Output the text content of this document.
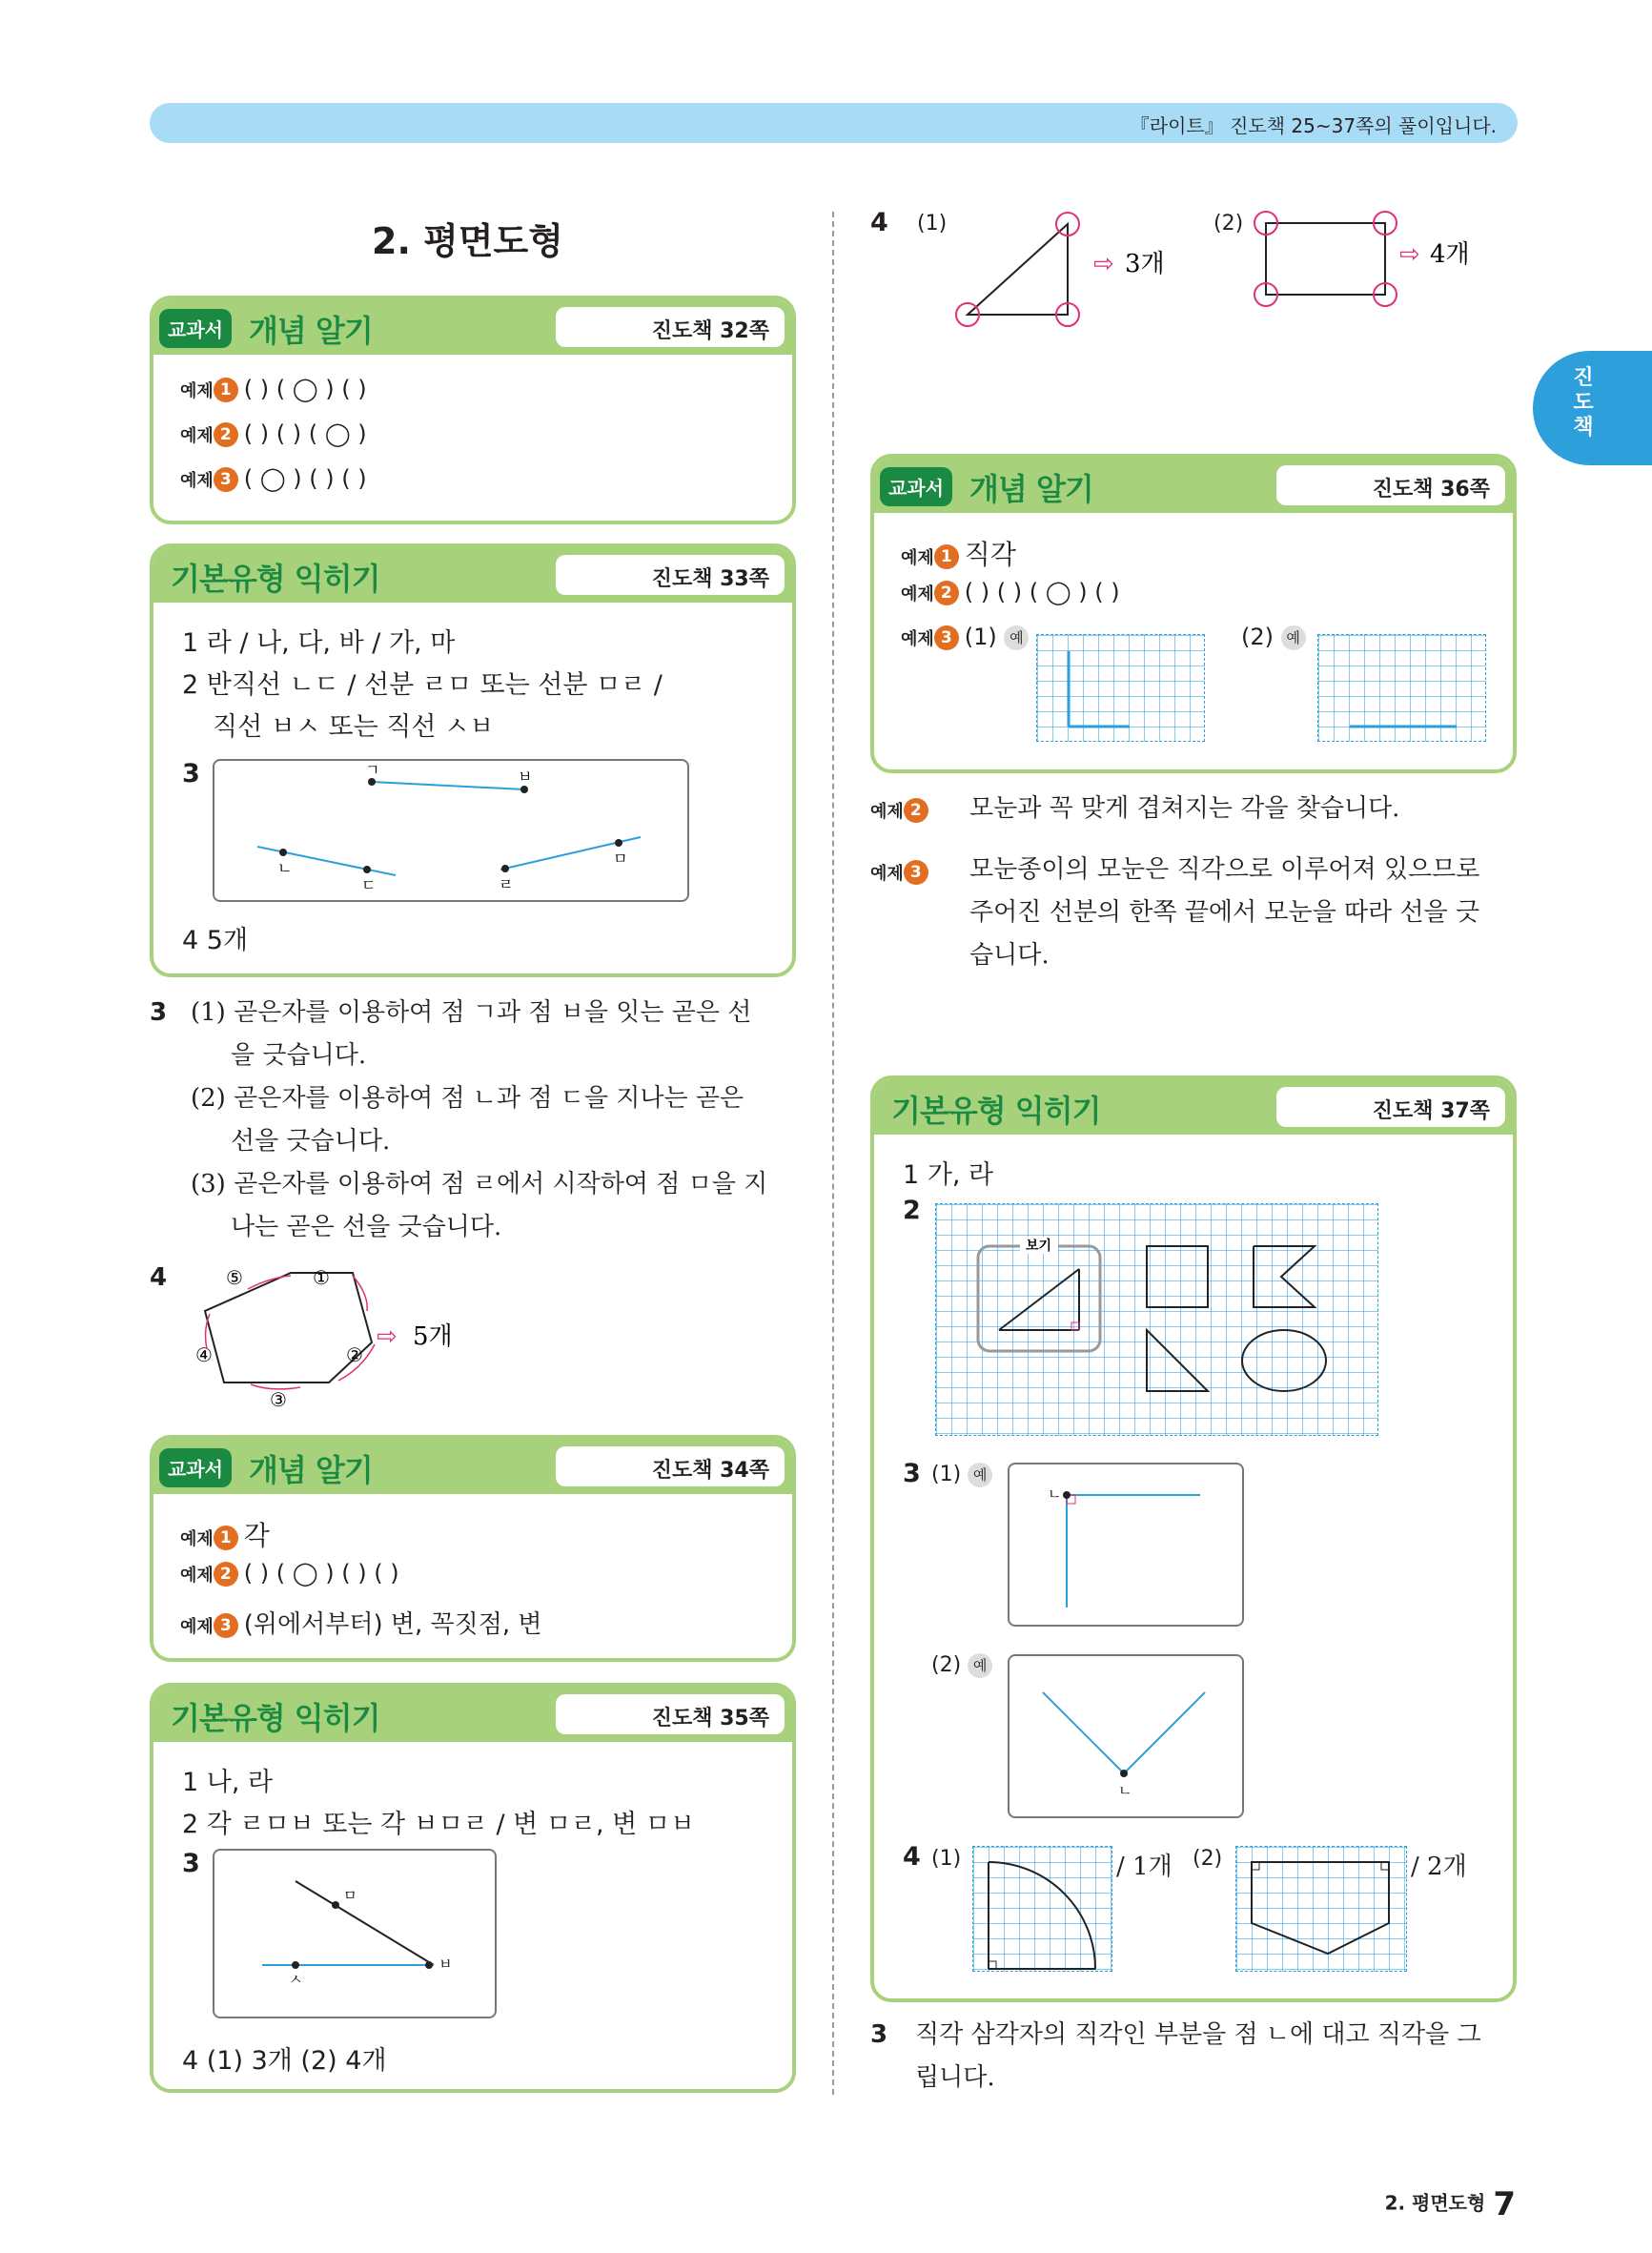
『라이트』 진도책 25~37쪽의 풀이입니다.
진도책
2. 평면도형
교과서 개념 알기	진도책 32쪽
예제 1 ( ) ( ◯ ) ( )
예제 2 ( ) ( ) ( ◯ )
예제 3 ( ◯ ) ( ) ( )
기본유형 익히기	진도책 33쪽
1 라 / 나, 다, 바 / 가, 마
2 반직선 ㄴㄷ / 선분 ㄹㅁ 또는 선분 ㅁㄹ /
직선 ㅂㅅ 또는 직선 ㅅㅂ
3	ㄱ	ㅂ
ㄴ
ㄷ	ㄹ
ㅁ
4 5개
3 (1) 곧은자를 이용하여 점 ㄱ과 점 ㅂ을 잇는 곧은 선
을 긋습니다.
(2) 곧은자를 이용하여 점 ㄴ과 점 ㄷ을 지나는 곧은
선을 긋습니다.
(3) 곧은자를 이용하여 점 ㄹ에서 시작하여 점 ㅁ을 지
나는 곧은 선을 긋습니다.
4	⑤	①
②
③
④
⇨ 5개
교과서 개념 알기	진도책 34쪽
예제 1 각
예제 2 ( ) ( ◯ ) ( ) ( )
예제 3 (위에서부터) 변, 꼭짓점, 변
기본유형 익히기	진도책 35쪽
1 나, 라
2 각 ㄹㅁㅂ 또는 각 ㅂㅁㄹ / 변 ㅁㄹ, 변 ㅁㅂ
3
ㅁ
ㅅ
ㅂ
4 (1) 3개 (2) 4개
4 (1)
⇨ 3개
(2)
⇨ 4개
교과서 개념 알기	진도책 36쪽
예제 1 직각
예제 2 ( ) ( ) ( ◯ ) ( )
예제 3 (1) 예	(2) 예
예제 2	모눈과 꼭 맞게 겹쳐지는 각을 찾습니다.
예제 3	모눈종이의 모눈은 직각으로 이루어져 있으므로
주어진 선분의 한쪽 끝에서 모눈을 따라 선을 긋
습니다.
기본유형 익히기	진도책 37쪽
1 가, 라
2
보기
3 (1) 예
ㄴ
(2) 예
ㄴ
4 (1)	/ 1개 (2)	/ 2개
3 직각 삼각자의 직각인 부분을 점 ㄴ에 대고 직각을 그
립니다.
2. 평면도형 7
